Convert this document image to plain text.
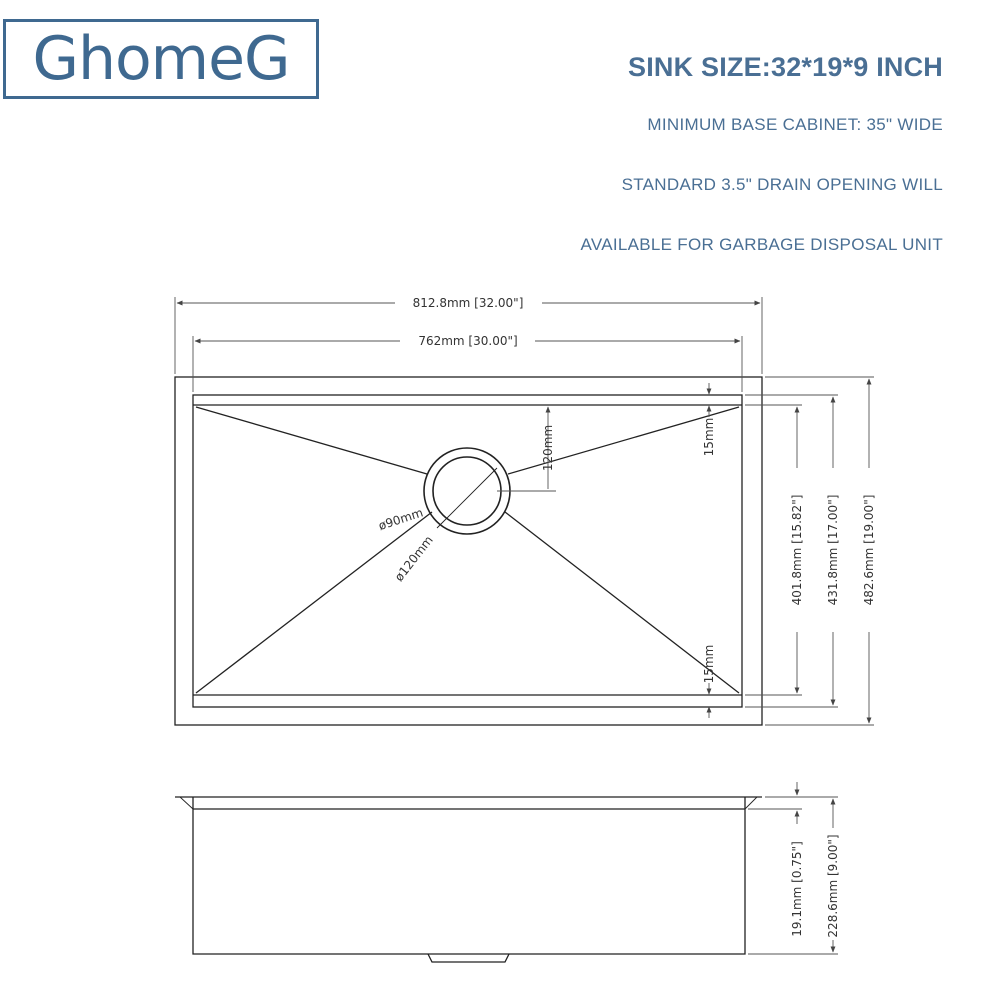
GhomeG	SINK SIZE:32*19*9 INCH
MINIMUM BASE CABINET: 35" WIDE
STANDARD 3.5" DRAIN OPENING WILL
AVAILABLE FOR GARBAGE DISPOSAL UNIT
812.8mm [32.00"]
762mm [30.00"]
120mm	15mm
15mm
ø90mm
ø120mm	401.8mm [15.82"] 431.8mm [17.00"] 482.6mm [19.00"]
19.1mm [0.75"] 228.6mm [9.00"]
